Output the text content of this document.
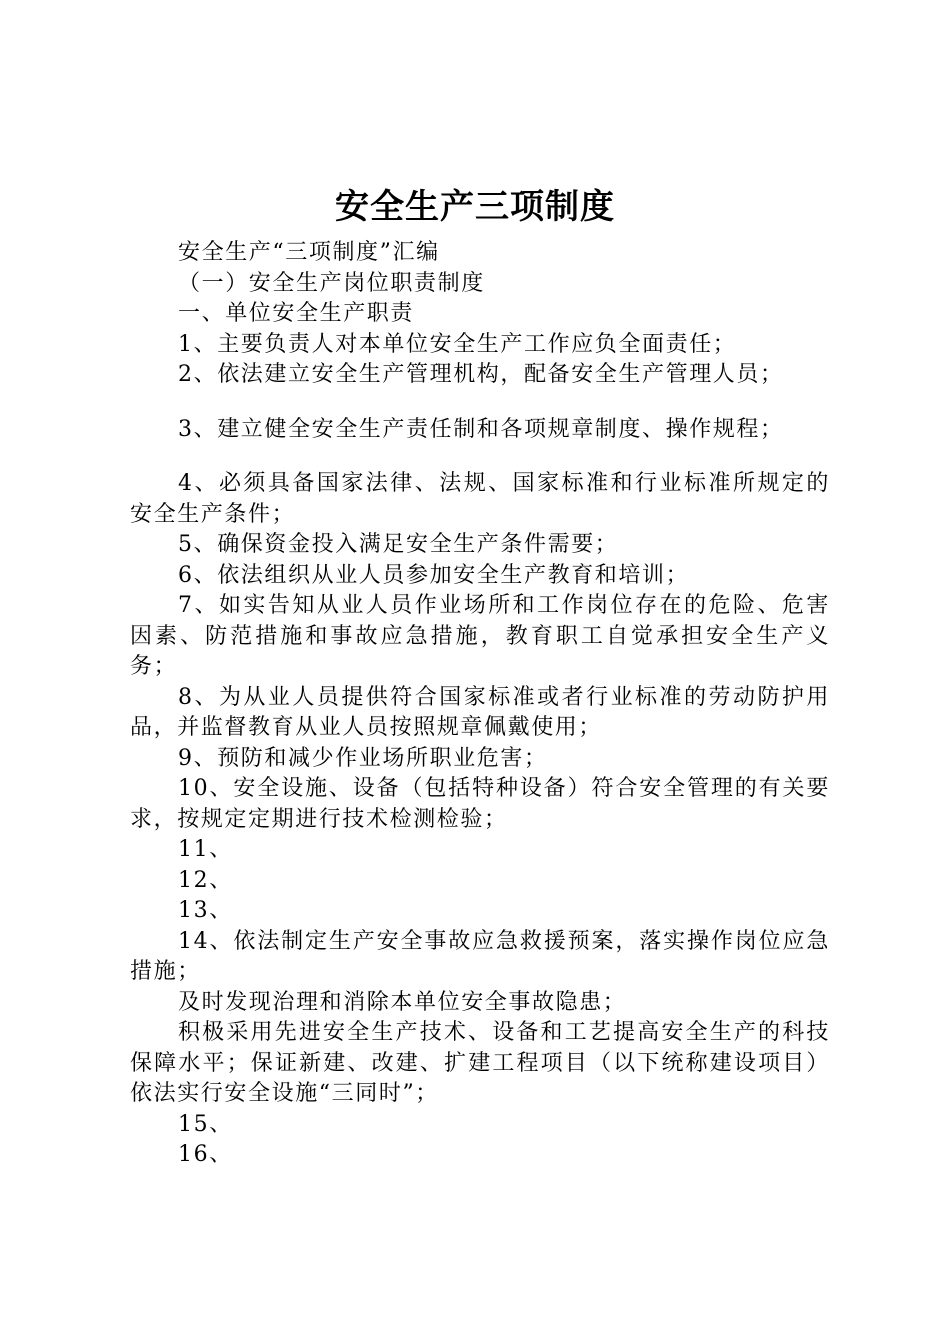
安全生产三项制度

安全生产“三项制度”汇编

（一）安全生产岗位职责制度

一、单位安全生产职责

1、主要负责人对本单位安全生产工作应负全面责任；

2、依法建立安全生产管理机构，配备安全生产管理人员；

3、建立健全安全生产责任制和各项规章制度、操作规程；

4、必须具备国家法律、法规、国家标准和行业标准所规定的安全生产条件；

5、确保资金投入满足安全生产条件需要；

6、依法组织从业人员参加安全生产教育和培训；

7、如实告知从业人员作业场所和工作岗位存在的危险、危害因素、防范措施和事故应急措施，教育职工自觉承担安全生产义务；

8、为从业人员提供符合国家标准或者行业标准的劳动防护用品，并监督教育从业人员按照规章佩戴使用；

9、预防和减少作业场所职业危害；

10、安全设施、设备（包括特种设备）符合安全管理的有关要求，按规定定期进行技术检测检验；

11、

12、

13、

14、依法制定生产安全事故应急救援预案，落实操作岗位应急措施；

及时发现治理和消除本单位安全事故隐患；

积极采用先进安全生产技术、设备和工艺提高安全生产的科技保障水平；保证新建、改建、扩建工程项目（以下统称建设项目）依法实行安全设施“三同时”；

15、

16、
